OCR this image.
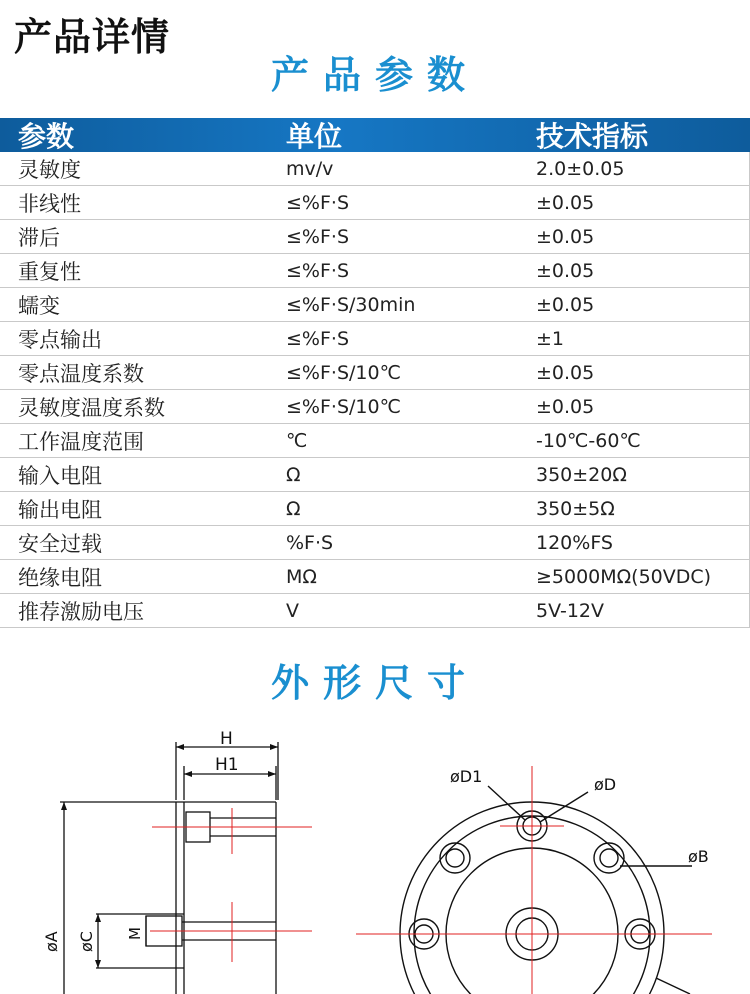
产品详情
产品参数
参数	单位	技术指标
灵敏度	mv/v	2.0±0.05
非线性	≤%F·S	±0.05
滞后	≤%F·S	±0.05
重复性	≤%F·S	±0.05
蠕变	≤%F·S/30min	±0.05
零点输出	≤%F·S	±1
零点温度系数	≤%F·S/10℃	±0.05
灵敏度温度系数	≤%F·S/10℃	±0.05
工作温度范围	℃	-10℃-60℃
输入电阻	Ω	350±20Ω
输出电阻	Ω	350±5Ω
安全过载	%F·S	120%FS
绝缘电阻	MΩ	≥5000MΩ(50VDC)
推荐激励电压	V	5V-12V
外形尺寸
H
H1
øA øC M
øD1	øD
øB
